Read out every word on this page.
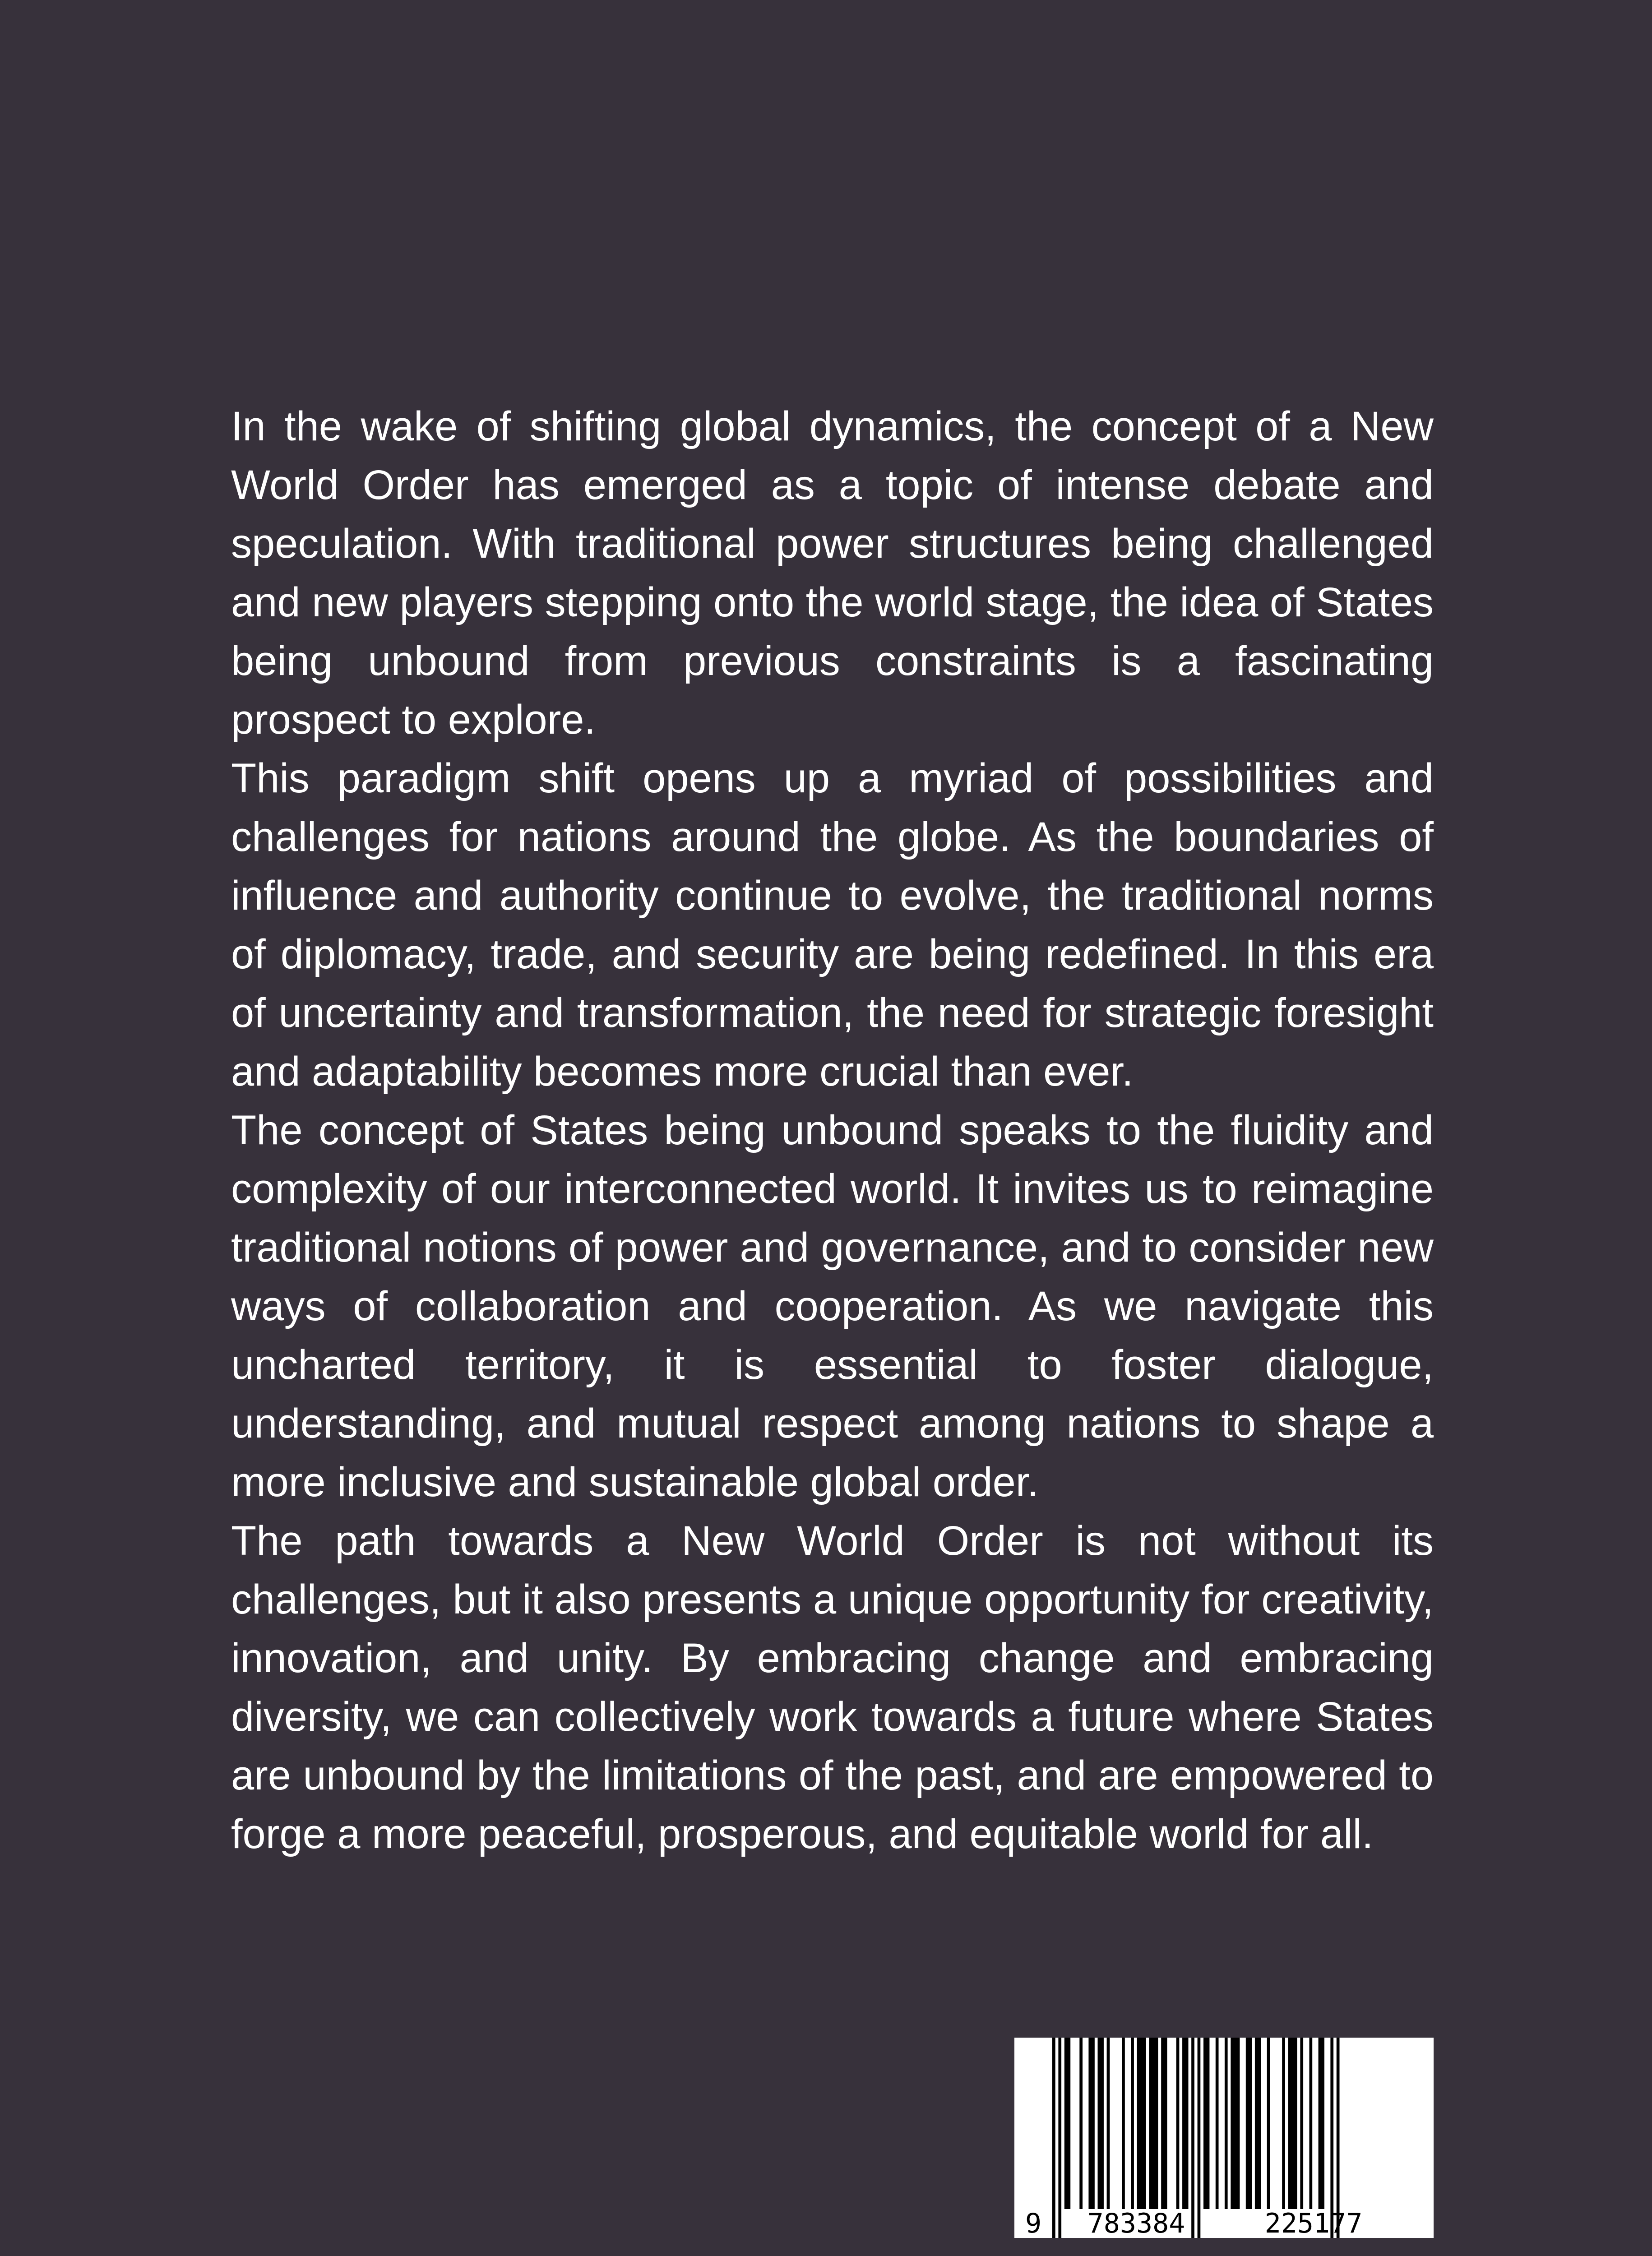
In the wake of shifting global dynamics, the concept of a New World Order has emerged as a topic of intense debate and speculation. With traditional power structures being challenged and new players stepping onto the world stage, the idea of States being unbound from previous constraints is a fascinating prospect to explore.

This paradigm shift opens up a myriad of possibilities and challenges for nations around the globe. As the boundaries of influence and authority continue to evolve, the traditional norms of diplomacy, trade, and security are being redefined. In this era of uncertainty and transformation, the need for strategic foresight and adaptability becomes more crucial than ever.

The concept of States being unbound speaks to the fluidity and complexity of our interconnected world. It invites us to reimagine traditional notions of power and governance, and to consider new ways of collaboration and cooperation. As we navigate this uncharted territory, it is essential to foster dialogue, understanding, and mutual respect among nations to shape a more inclusive and sustainable global order.

The path towards a New World Order is not without its challenges, but it also presents a unique opportunity for creativity, innovation, and unity. By embracing change and embracing diversity, we can collectively work towards a future where States are unbound by the limitations of the past, and are empowered to forge a more peaceful, prosperous, and equitable world for all.

9 783384	225177
